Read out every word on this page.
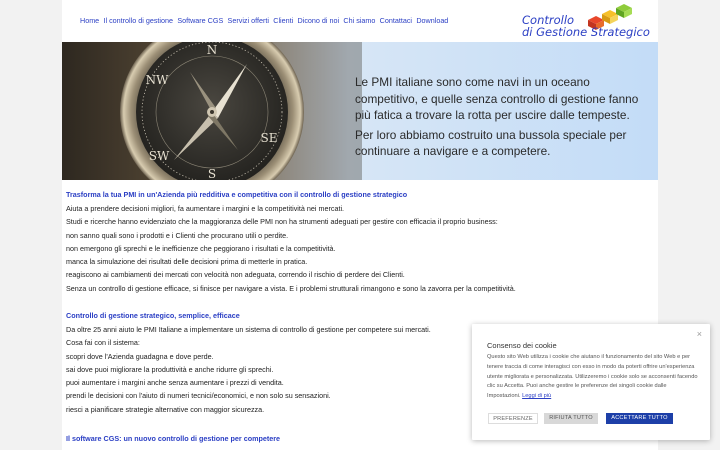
Home Il controllo di gestione Software CGS Servizi offerti Clienti Dicono di noi Chi siamo Contattaci Download	Controllo
di Gestione Strategico
N
SE
S
SW
NW	Le PMI italiane sono come navi in un oceano competitivo, e quelle senza controllo di gestione fanno più fatica a trovare la rotta per uscire dalle tempeste.

Per loro abbiamo costruito una bussola speciale per continuare a navigare e a competere.

Trasforma la tua PMI in un'Azienda più redditiva e competitiva con il controllo di gestione strategico
Aiuta a prendere decisioni migliori, fa aumentare i margini e la competitività nei mercati.
Studi e ricerche hanno evidenziato che la maggioranza delle PMI non ha strumenti adeguati per gestire con efficacia il proprio business:
non sanno quali sono i prodotti e i Clienti che procurano utili o perdite.
non emergono gli sprechi e le inefficienze che peggiorano i risultati e la competitività.
manca la simulazione dei risultati delle decisioni prima di metterle in pratica.
reagiscono ai cambiamenti dei mercati con velocità non adeguata, correndo il rischio di perdere dei Clienti.
Senza un controllo di gestione efficace, si finisce per navigare a vista. E i problemi strutturali rimangono e sono la zavorra per la competitività.
Controllo di gestione strategico, semplice, efficace
Da oltre 25 anni aiuto le PMI Italiane a implementare un sistema di controllo di gestione per competere sui mercati.
Cosa fai con il sistema:
scopri dove l'Azienda guadagna e dove perde.
sai dove puoi migliorare la produttività e anche ridurre gli sprechi.
puoi aumentare i margini anche senza aumentare i prezzi di vendita.
prendi le decisioni con l'aiuto di numeri tecnici/economici, e non solo su sensazioni.
riesci a pianificare strategie alternative con maggior sicurezza.
Il software CGS: un nuovo controllo di gestione per competere
Consenso dei cookie
×
Questo sito Web utilizza i cookie che aiutano il funzionamento del sito Web e per tenere traccia di come interagisci con esso in modo da poterti offrire un'esperienza utente migliorata e personalizzata. Utilizzeremo i cookie solo se acconsenti facendo clic su Accetta. Puoi anche gestire le preferenze dei singoli cookie dalle Impostazioni. Leggi di più
PREFERENZE	RIFIUTA TUTTO	ACCETTARE TUTTO
